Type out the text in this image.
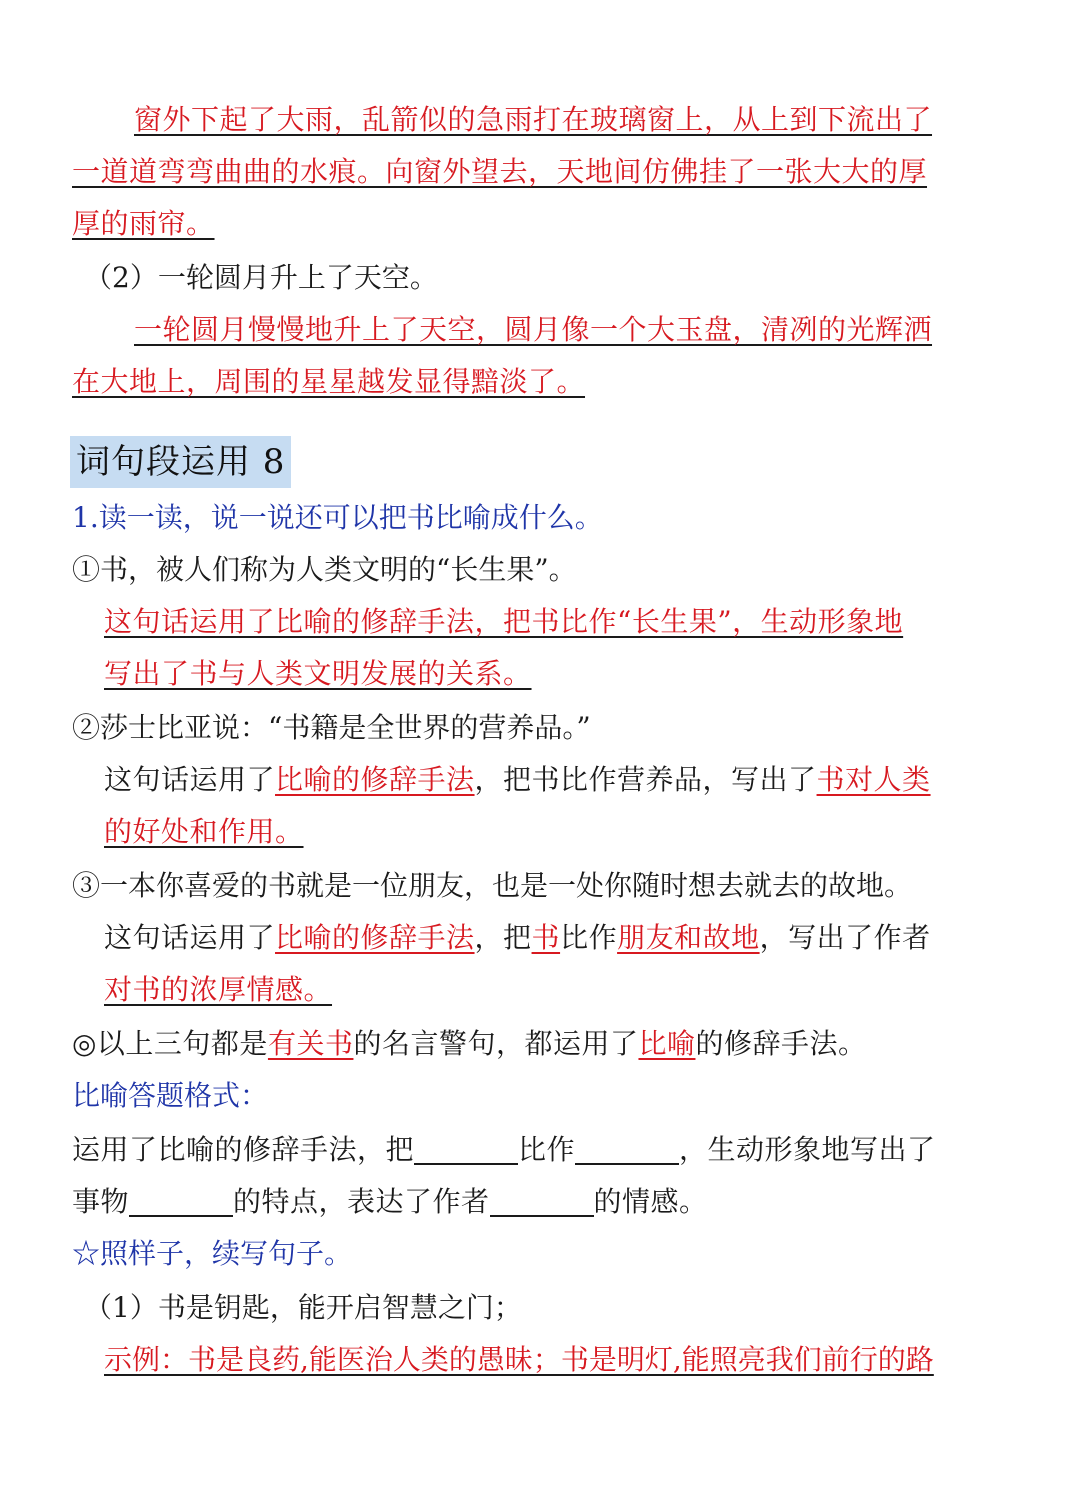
窗外下起了大雨，乱箭似的急雨打在玻璃窗上，从上到下流出了
一道道弯弯曲曲的水痕。向窗外望去，天地间仿佛挂了一张大大的厚
厚的雨帘。
（2）一轮圆月升上了天空。
一轮圆月慢慢地升上了天空，圆月像一个大玉盘，清冽的光辉洒
在大地上，周围的星星越发显得黯淡了。
词句段运用 8
1.读一读，说一说还可以把书比喻成什么。
①书，被人们称为人类文明的“长生果”。
这句话运用了比喻的修辞手法，把书比作“长生果”，生动形象地
写出了书与人类文明发展的关系。
②莎士比亚说：“书籍是全世界的营养品。”
这句话运用了比喻的修辞手法，把书比作营养品，写出了书对人类
的好处和作用。
③一本你喜爱的书就是一位朋友，也是一处你随时想去就去的故地。
这句话运用了比喻的修辞手法，把书比作朋友和故地，写出了作者
对书的浓厚情感。
◎以上三句都是有关书的名言警句，都运用了比喻的修辞手法。
比喻答题格式：
运用了比喻的修辞手法，把	比作	，生动形象地写出了
事物	的特点，表达了作者	的情感。
☆照样子，续写句子。
（1）书是钥匙，能开启智慧之门；
示例：书是良药,能医治人类的愚昧；书是明灯,能照亮我们前行的路
